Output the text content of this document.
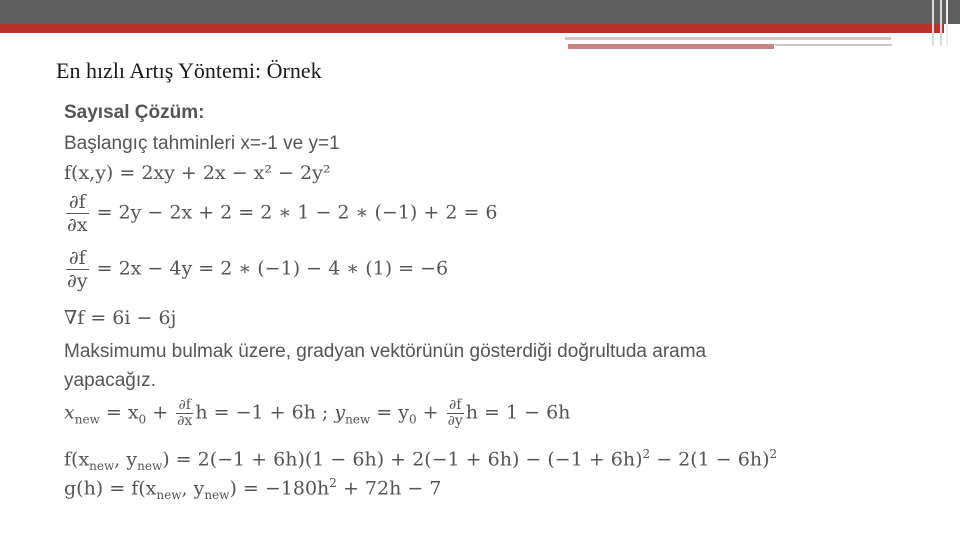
En hızlı Artış Yöntemi: Örnek
Sayısal Çözüm:
Başlangıç tahminleri x=-1 ve y=1
f(x,y) = 2xy + 2x − x² − 2y²
$\frac{\partial f}{\partial x} = 2y - 2x + 2 = 2$ ∗ 1 − 2 ∗ (−1) + 2 = 6
$\frac{\partial f}{\partial y} = 2x - 4y = 2$ ∗ (−1) − 4 ∗ (1) = −6
∇f = 6i − 6j
Maksimumu bulmak üzere, gradyan vektörünün gösterdiği doğrultuda arama
yapacağız.
$x_{new} = x_0 + \frac{\partial f}{\partial x}$ h = −1 + 6h ; $y_{new} = y_0 + \frac{\partial f}{\partial y}$ h = 1 − 6h
$f(x_{new}$, $y_{new}) = 2(-1 + 6h)(1 - 6h) + 2(-1 + 6h) - (-1 + 6h)^2 - 2(1 - 6h)^2$
$g(h) = f(x_{new}$, $y_{new}) = -180h^2 + 72h - 7$
